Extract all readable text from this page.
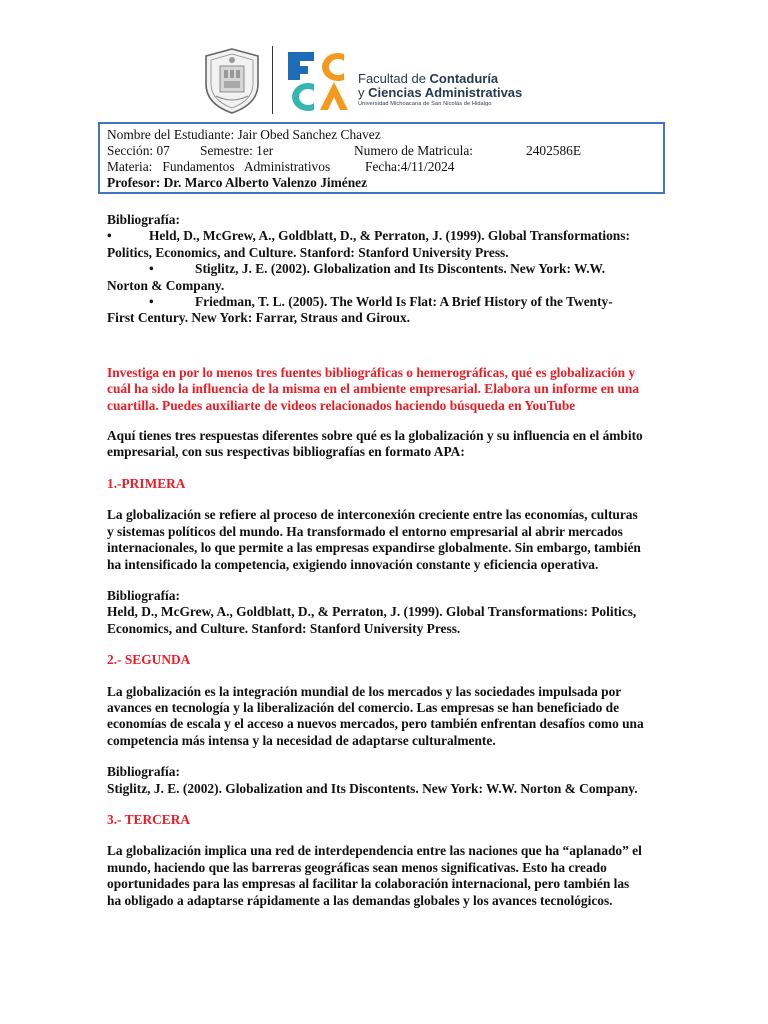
Facultad de Contaduría
y Ciencias Administrativas
Universidad Michoacana de San Nicolás de Hidalgo
Nombre del Estudiante: Jair Obed Sanchez Chavez
Sección: 07 Semestre: 1er	Numero de Matricula:	2402586E
Materia:   Fundamentos   Administrativos	Fecha:4/11/2024
Profesor: Dr. Marco Alberto Valenzo Jiménez

Bibliografía:

•	Held, D., McGrew, A., Goldblatt, D., & Perraton, J. (1999). Global Transformations:

Politics, Economics, and Culture. Stanford: Stanford University Press.

•	Stiglitz, J. E. (2002). Globalization and Its Discontents. New York: W.W.

Norton & Company.

•	Friedman, T. L. (2005). The World Is Flat: A Brief History of the Twenty-

First Century. New York: Farrar, Straus and Giroux.

Investiga en por lo menos tres fuentes bibliográficas o hemerográficas, qué es globalización y

cuál ha sido la influencia de la misma en el ambiente empresarial. Elabora un informe en una

cuartilla. Puedes auxiliarte de videos relacionados haciendo búsqueda en YouTube

Aquí tienes tres respuestas diferentes sobre qué es la globalización y su influencia en el ámbito

empresarial, con sus respectivas bibliografías en formato APA:

1.-PRIMERA

La globalización se refiere al proceso de interconexión creciente entre las economías, culturas

y sistemas políticos del mundo. Ha transformado el entorno empresarial al abrir mercados

internacionales, lo que permite a las empresas expandirse globalmente. Sin embargo, también

ha intensificado la competencia, exigiendo innovación constante y eficiencia operativa.

Bibliografía:

Held, D., McGrew, A., Goldblatt, D., & Perraton, J. (1999). Global Transformations: Politics,

Economics, and Culture. Stanford: Stanford University Press.

2.- SEGUNDA

La globalización es la integración mundial de los mercados y las sociedades impulsada por

avances en tecnología y la liberalización del comercio. Las empresas se han beneficiado de

economías de escala y el acceso a nuevos mercados, pero también enfrentan desafíos como una

competencia más intensa y la necesidad de adaptarse culturalmente.

Bibliografía:

Stiglitz, J. E. (2002). Globalization and Its Discontents. New York: W.W. Norton & Company.

3.- TERCERA

La globalización implica una red de interdependencia entre las naciones que ha “aplanado” el

mundo, haciendo que las barreras geográficas sean menos significativas. Esto ha creado

oportunidades para las empresas al facilitar la colaboración internacional, pero también las

ha obligado a adaptarse rápidamente a las demandas globales y los avances tecnológicos.
